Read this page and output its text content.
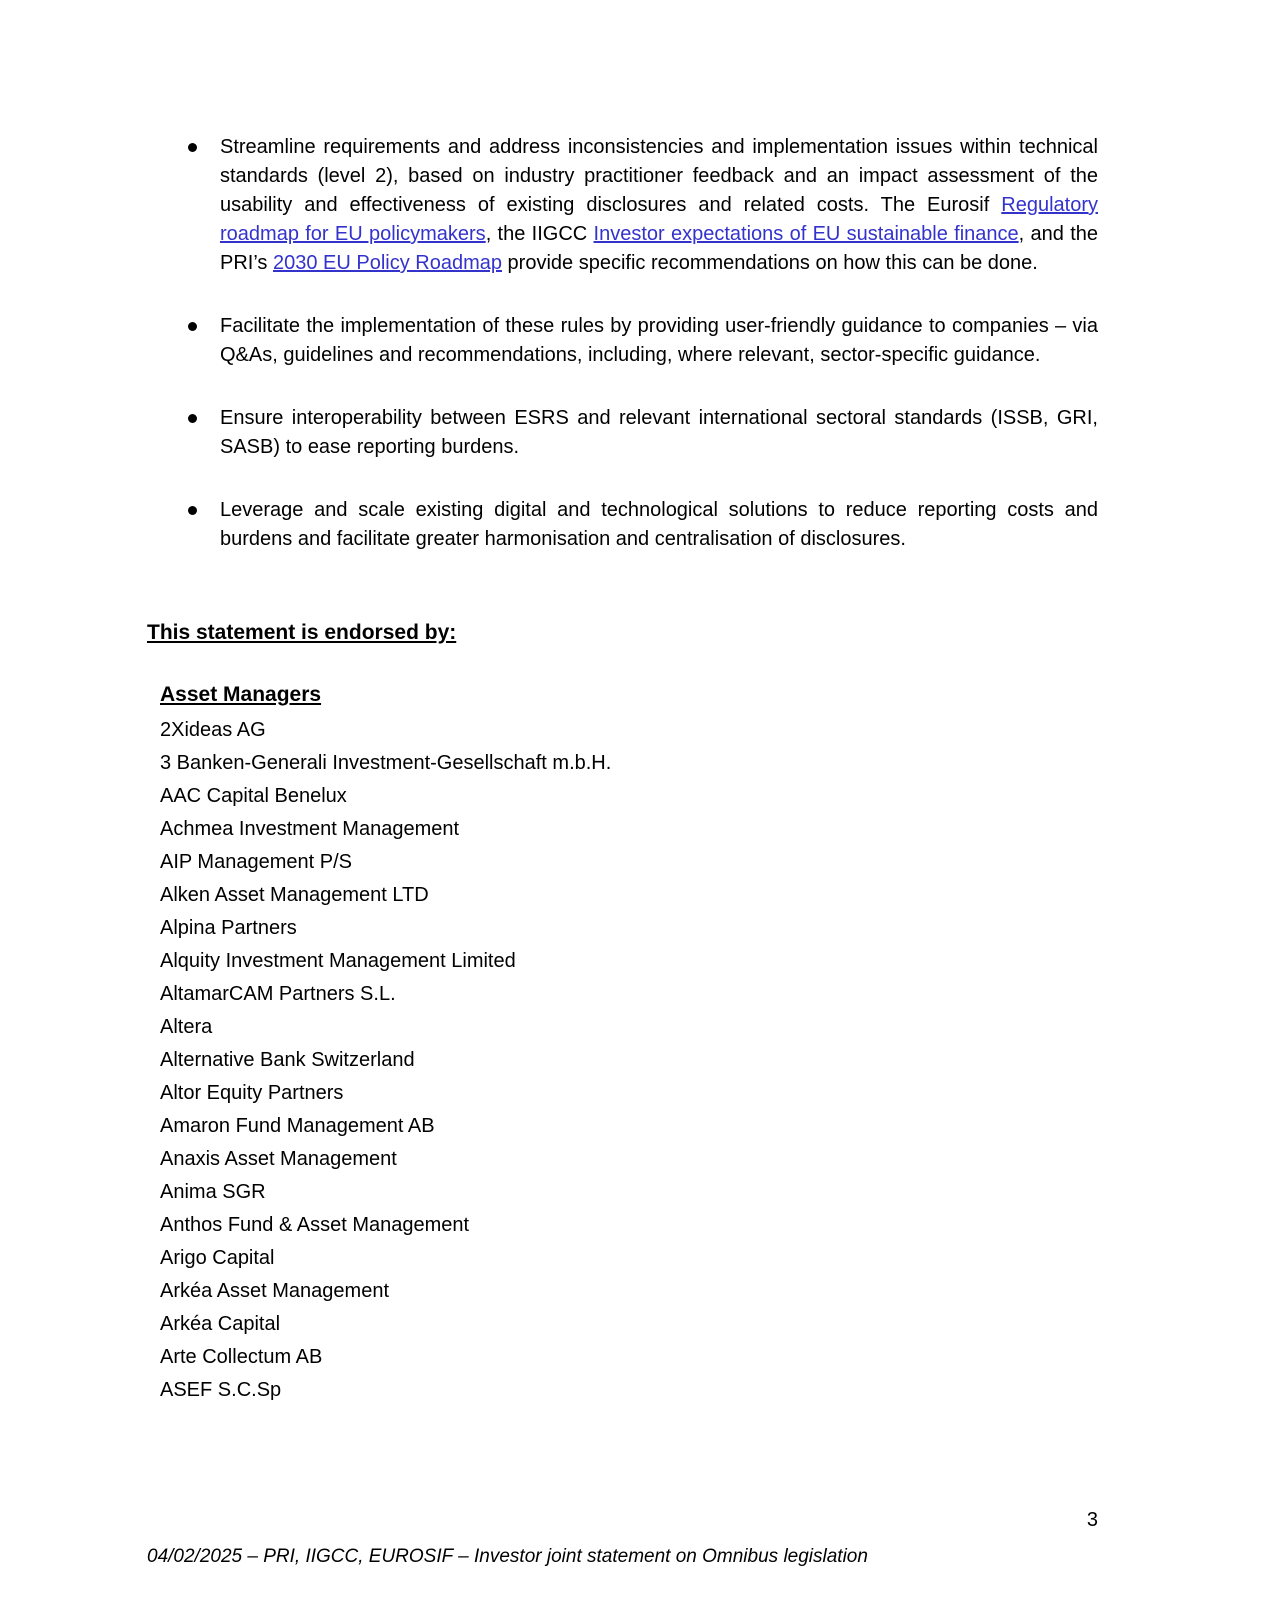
Streamline requirements and address inconsistencies and implementation issues within technical standards (level 2), based on industry practitioner feedback and an impact assessment of the usability and effectiveness of existing disclosures and related costs. The Eurosif Regulatory roadmap for EU policymakers, the IIGCC Investor expectations of EU sustainable finance, and the PRI’s 2030 EU Policy Roadmap provide specific recommendations on how this can be done.
Facilitate the implementation of these rules by providing user-friendly guidance to companies – via Q&As, guidelines and recommendations, including, where relevant, sector-specific guidance.
Ensure interoperability between ESRS and relevant international sectoral standards (ISSB, GRI, SASB) to ease reporting burdens.
Leverage and scale existing digital and technological solutions to reduce reporting costs and burdens and facilitate greater harmonisation and centralisation of disclosures.
This statement is endorsed by:
Asset Managers
2Xideas AG
3 Banken-Generali Investment-Gesellschaft m.b.H.
AAC Capital Benelux
Achmea Investment Management
AIP Management P/S
Alken Asset Management LTD
Alpina Partners
Alquity Investment Management Limited
AltamarCAM Partners S.L.
Altera
Alternative Bank Switzerland
Altor Equity Partners
Amaron Fund Management AB
Anaxis Asset Management
Anima SGR
Anthos Fund & Asset Management
Arigo Capital
Arkéa Asset Management
Arkéa Capital
Arte Collectum AB
ASEF S.C.Sp
3
04/02/2025 – PRI, IIGCC, EUROSIF – Investor joint statement on Omnibus legislation
